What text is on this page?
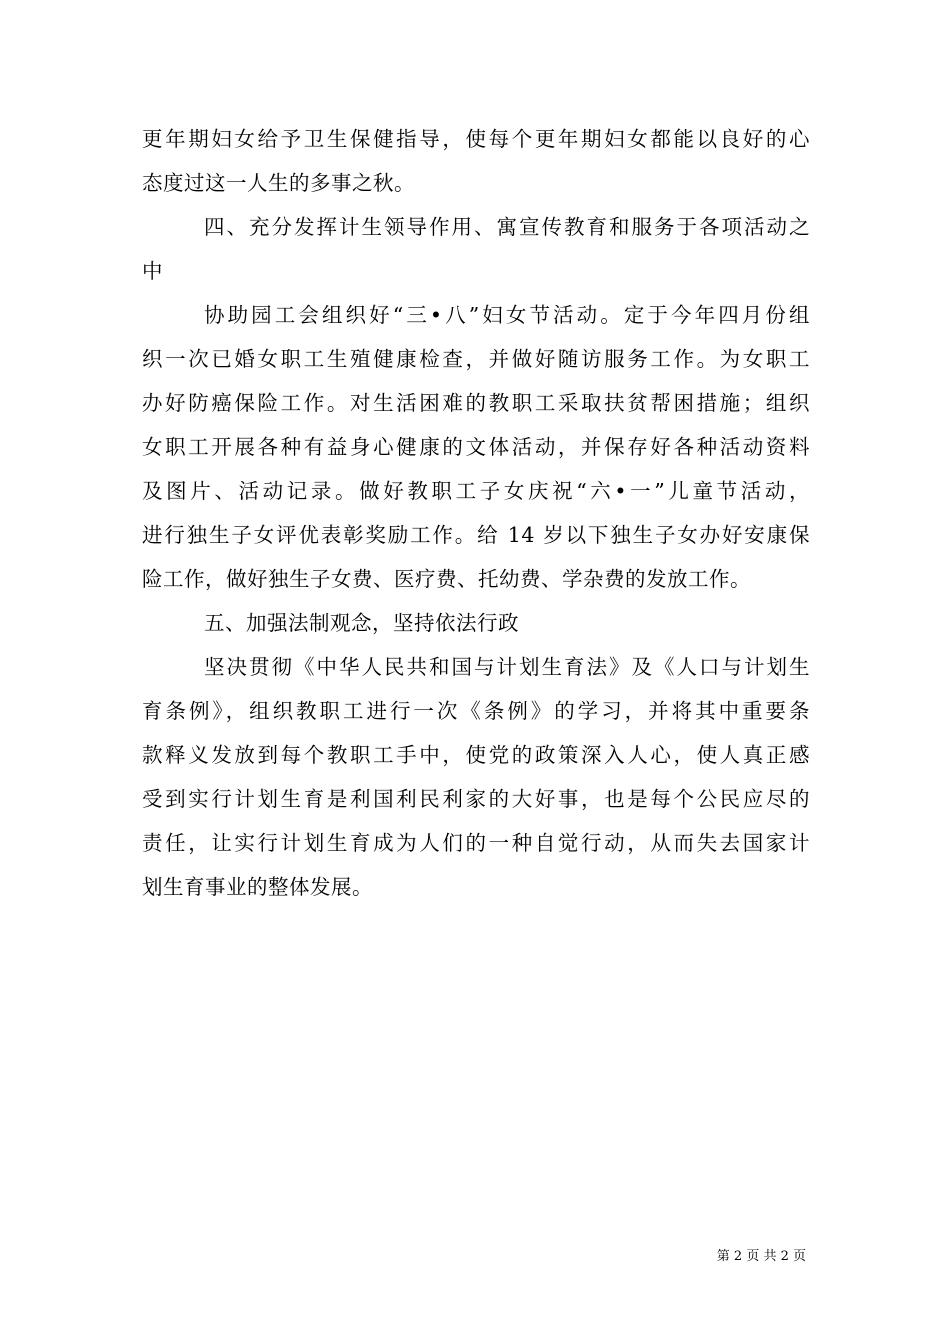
更年期妇女给予卫生保健指导，使每个更年期妇女都能以良好的心
态度过这一人生的多事之秋。
四、充分发挥计生领导作用、寓宣传教育和服务于各项活动之
中
协助园工会组织好“三•八”妇女节活动。定于今年四月份组
织一次已婚女职工生殖健康检查，并做好随访服务工作。为女职工
办好防癌保险工作。对生活困难的教职工采取扶贫帮困措施；组织
女职工开展各种有益身心健康的文体活动，并保存好各种活动资料
及图片、活动记录。做好教职工子女庆祝“六•一”儿童节活动，
进行独生子女评优表彰奖励工作。给 14 岁以下独生子女办好安康保
险工作，做好独生子女费、医疗费、托幼费、学杂费的发放工作。
五、加强法制观念，坚持依法行政
坚决贯彻《中华人民共和国与计划生育法》及《人口与计划生
育条例》，组织教职工进行一次《条例》的学习，并将其中重要条
款释义发放到每个教职工手中，使党的政策深入人心，使人真正感
受到实行计划生育是利国利民利家的大好事，也是每个公民应尽的
责任，让实行计划生育成为人们的一种自觉行动，从而失去国家计
划生育事业的整体发展。
第 2 页 共 2 页
